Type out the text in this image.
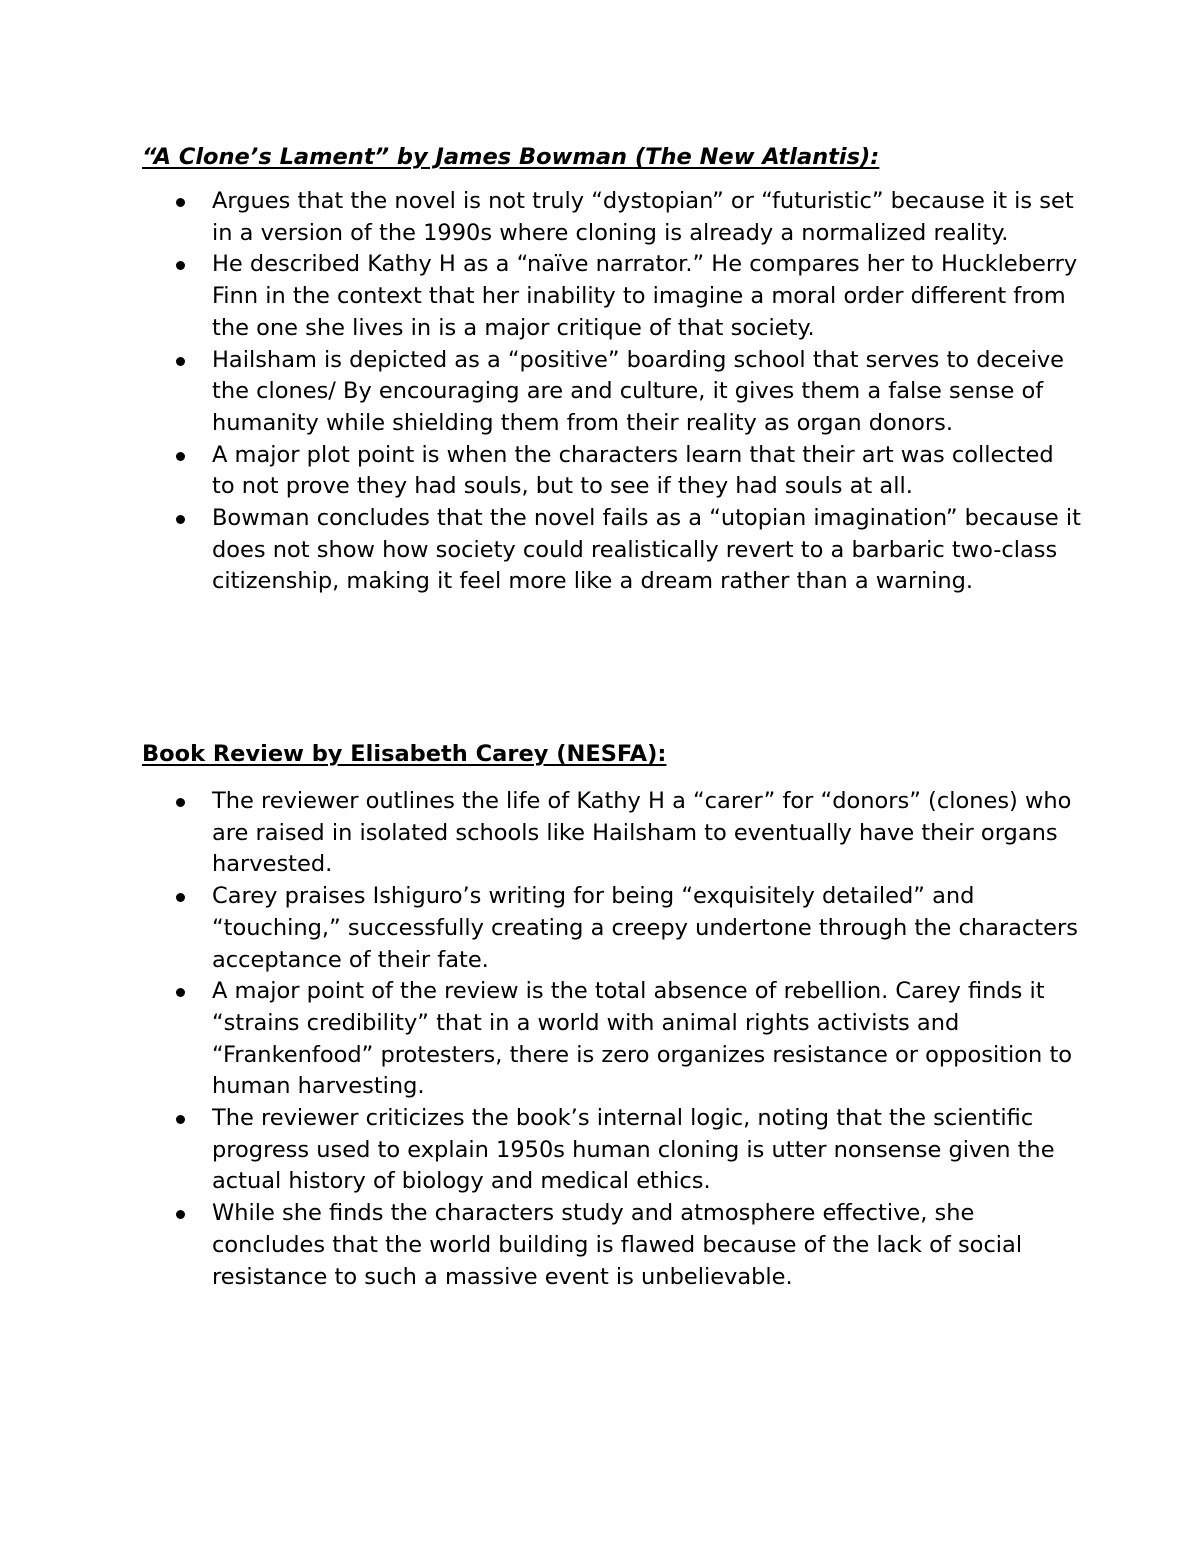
“A Clone’s Lament” by James Bowman (The New Atlantis):
Argues that the novel is not truly “dystopian” or “futuristic” because it is set in a version of the 1990s where cloning is already a normalized reality.
He described Kathy H as a “naïve narrator.” He compares her to Huckleberry Finn in the context that her inability to imagine a moral order different from the one she lives in is a major critique of that society.
Hailsham is depicted as a “positive” boarding school that serves to deceive the clones/ By encouraging are and culture, it gives them a false sense of humanity while shielding them from their reality as organ donors.
A major plot point is when the characters learn that their art was collected to not prove they had souls, but to see if they had souls at all.
Bowman concludes that the novel fails as a “utopian imagination” because it does not show how society could realistically revert to a barbaric two-class citizenship, making it feel more like a dream rather than a warning.
Book Review by Elisabeth Carey (NESFA):
The reviewer outlines the life of Kathy H a “carer” for “donors” (clones) who are raised in isolated schools like Hailsham to eventually have their organs harvested.
Carey praises Ishiguro’s writing for being “exquisitely detailed” and “touching,” successfully creating a creepy undertone through the characters acceptance of their fate.
A major point of the review is the total absence of rebellion. Carey finds it “strains credibility” that in a world with animal rights activists and “Frankenfood” protesters, there is zero organizes resistance or opposition to human harvesting.
The reviewer criticizes the book’s internal logic, noting that the scientific progress used to explain 1950s human cloning is utter nonsense given the actual history of biology and medical ethics.
While she finds the characters study and atmosphere effective, she concludes that the world building is flawed because of the lack of social resistance to such a massive event is unbelievable.
